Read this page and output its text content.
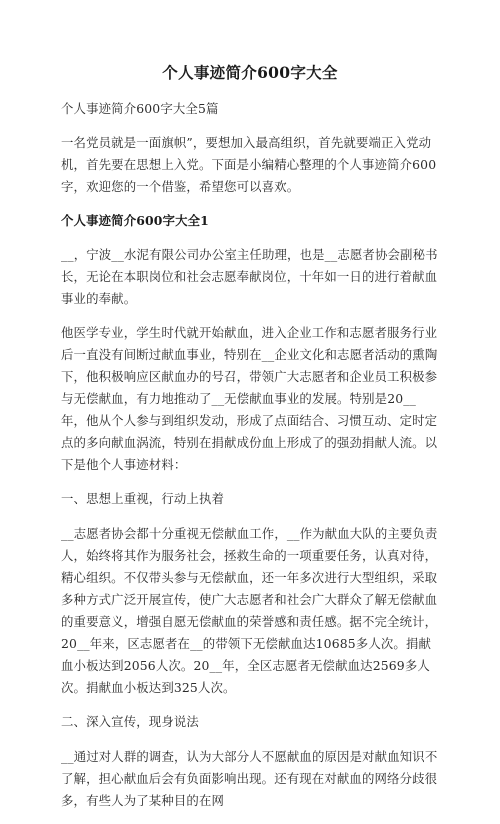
个人事迹简介600字大全

个人事迹简介600字大全5篇

一名党员就是一面旗帜”，要想加入最高组织，首先就要端正入党动机，首先要在思想上入党。下面是小编精心整理的个人事迹简介600字，欢迎您的一个借鉴，希望您可以喜欢。

个人事迹简介600字大全1

__，宁波__水泥有限公司办公室主任助理，也是__志愿者协会副秘书长，无论在本职岗位和社会志愿奉献岗位，十年如一日的进行着献血事业的奉献。

他医学专业，学生时代就开始献血，进入企业工作和志愿者服务行业后一直没有间断过献血事业，特别在__企业文化和志愿者活动的熏陶下，他积极响应区献血办的号召，带领广大志愿者和企业员工积极参与无偿献血，有力地推动了__无偿献血事业的发展。特别是20__年，他从个人参与到组织发动，形成了点面结合、习惯互动、定时定点的多向献血涡流，特别在捐献成份血上形成了的强劲捐献人流。以下是他个人事迹材料：

一、思想上重视，行动上执着

__志愿者协会都十分重视无偿献血工作，__作为献血大队的主要负责人，始终将其作为服务社会，拯救生命的一项重要任务，认真对待，精心组织。不仅带头参与无偿献血，还一年多次进行大型组织，采取多种方式广泛开展宣传，使广大志愿者和社会广大群众了解无偿献血的重要意义，增强自愿无偿献血的荣誉感和责任感。据不完全统计，20__年来，区志愿者在__的带领下无偿献血达10685多人次。捐献血小板达到2056人次。20__年，全区志愿者无偿献血达2569多人次。捐献血小板达到325人次。

二、深入宣传，现身说法

__通过对人群的调查，认为大部分人不愿献血的原因是对献血知识不了解，担心献血后会有负面影响出现。还有现在对献血的网络分歧很多，有些人为了某种目的在网
